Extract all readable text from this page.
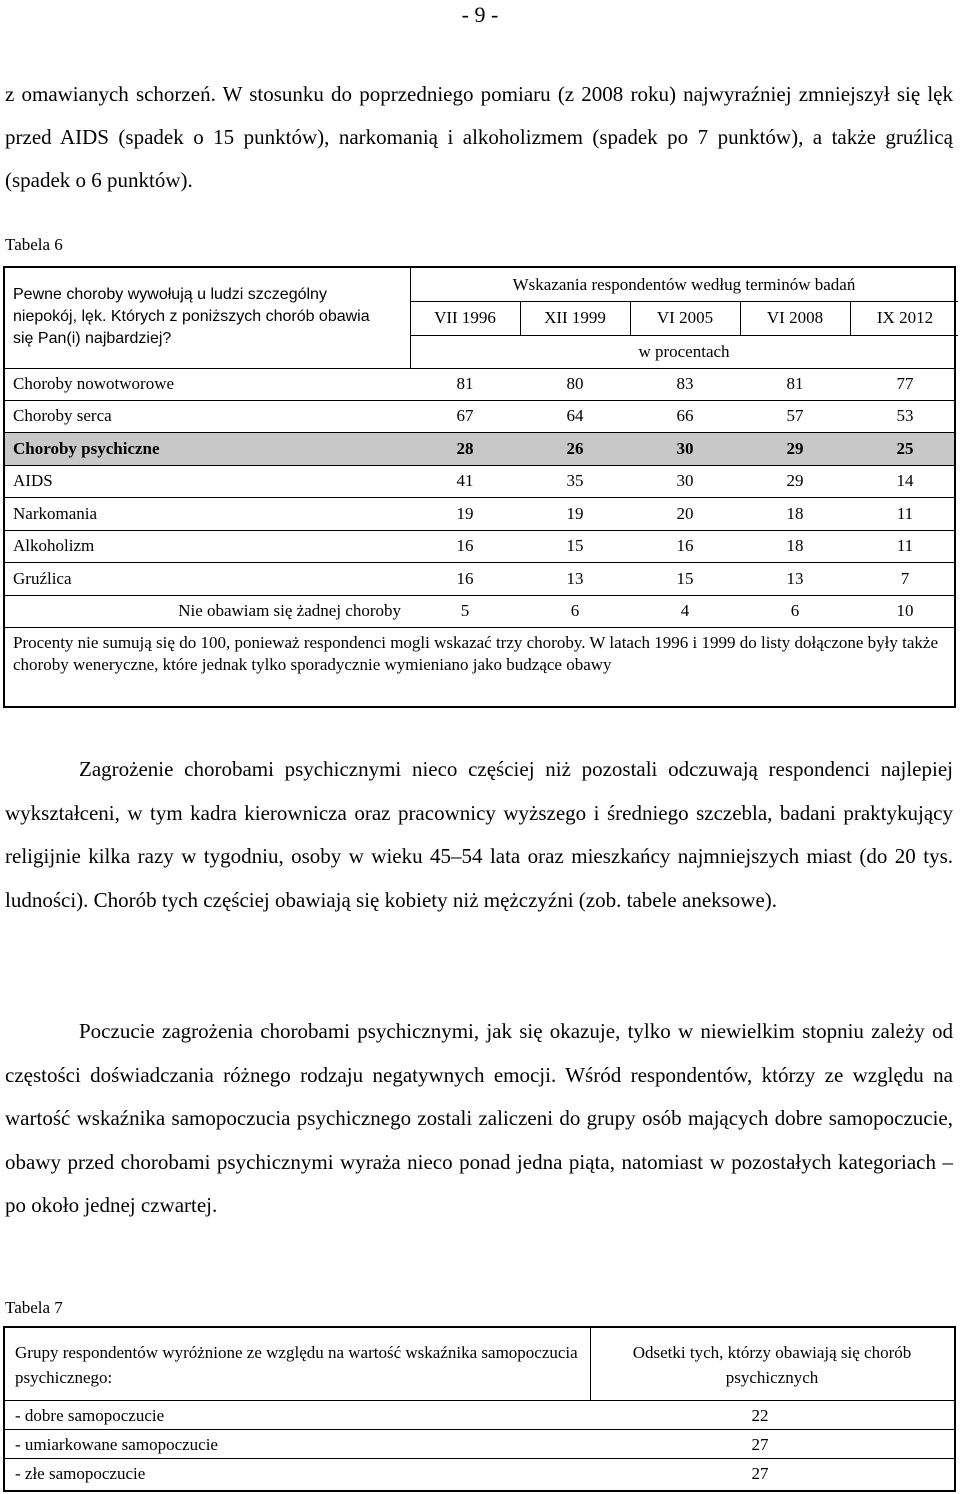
- 9 -
z omawianych schorzeń. W stosunku do poprzedniego pomiaru (z 2008 roku) najwyraźniej zmniejszył się lęk przed AIDS (spadek o 15 punktów), narkomanią i alkoholizmem (spadek po 7 punktów), a także gruźlicą (spadek o 6 punktów).
Tabela 6
Pewne choroby wywołują u ludzi szczególny niepokój, lęk. Których z poniższych chorób obawia się Pan(i) najbardziej?
Wskazania respondentów według terminów badań
w procentach
VII 1996	XII 1999	VI 2005	VI 2008	IX 2012
Choroby nowotworowe	81	80	83	81	77
Choroby serca	67	64	66	57	53
Choroby psychiczne	28	26	30	29	25
AIDS	41	35	30	29	14
Narkomania	19	19	20	18	11
Alkoholizm	16	15	16	18	11
Gruźlica	16	13	15	13	7
Nie obawiam się żadnej choroby	5	6	4	6	10
Procenty nie sumują się do 100, ponieważ respondenci mogli wskazać trzy choroby. W latach 1996 i 1999 do listy dołączone były także choroby weneryczne, które jednak tylko sporadycznie wymieniano jako budzące obawy
Zagrożenie chorobami psychicznymi nieco częściej niż pozostali odczuwają respondenci najlepiej wykształceni, w tym kadra kierownicza oraz pracownicy wyższego i średniego szczebla, badani praktykujący religijnie kilka razy w tygodniu, osoby w wieku 45–54 lata oraz mieszkańcy najmniejszych miast (do 20 tys. ludności). Chorób tych częściej obawiają się kobiety niż mężczyźni (zob. tabele aneksowe).
Poczucie zagrożenia chorobami psychicznymi, jak się okazuje, tylko w niewielkim stopniu zależy od częstości doświadczania różnego rodzaju negatywnych emocji. Wśród respondentów, którzy ze względu na wartość wskaźnika samopoczucia psychicznego zostali zaliczeni do grupy osób mających dobre samopoczucie, obawy przed chorobami psychicznymi wyraża nieco ponad jedna piąta, natomiast w pozostałych kategoriach – po około jednej czwartej.
Tabela 7
Grupy respondentów wyróżnione ze względu na wartość wskaźnika samopoczucia psychicznego:
Odsetki tych, którzy obawiają się chorób psychicznych
- dobre samopoczucie	22
- umiarkowane samopoczucie	27
- złe samopoczucie	27
